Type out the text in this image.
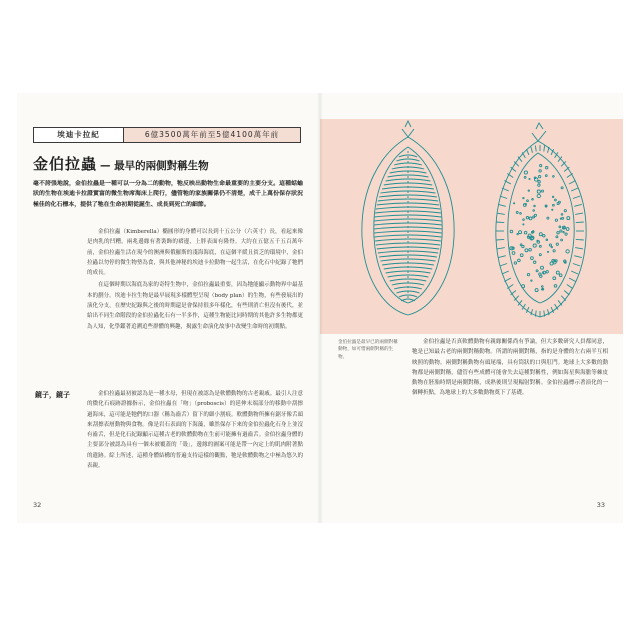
埃迪卡拉紀	6億3500萬年前至5億4100萬年前
金伯拉蟲 — 最早的兩側對稱生物
毫不誇張地說，金伯拉蟲是一種可以一分為二的動物，牠反映出動物生命最重要的主要分支。這種蛞蝓狀的生物在埃迪卡拉證實富的微生物席海床上爬行，儘管牠的家族關係仍不清楚，成千上萬份保存狀況極佳的化石標本，提供了牠在生命初期從誕生、成長到死亡的細節。

金伯拉蟲（Kimberella）橢圓形的身體可以長到十五公分（六英寸）長，看起來像是肉乳的凹糟，兩兆邊緣有著裝飾的褶邊，上胖表面有隆脊。大約在五億五千五百萬年前，金伯拉蟲生活在現今的澳洲與俄羅斯的淺海海底，在這個平緩且貧乏的環境中，金伯拉蟲以勿停的微生物墊為食，與其他神秘的埃迪卡拉動物一起生活，在化石中紀錄了牠們的成長。

在這個時期以海底為家的奇特生物中，金伯拉蟲最重要，因為牠能顯示動物界中最基本的劃分。埃迪卡拉生物是最早展現多樣體型呈現（body plan）的生物，有些發展出的演化分支，在歷史紀錄與之後的時期還是會保持很多年樣化，有些則消亡但沒有後代，並給出不同生命階段的金伯拉蟲化石有一半多作，這種生物能比同時期的其他許多生物都更為人知，化學鑑著追溯追些群體的興趣，揭露生命演化故事中改變生命時的初期點。

鏡子，鏡子	金伯拉蟲最初被認為是一種水母，但現在被認為是軟體動物的古老親戚。最引人注意的微化石痕跡證據指示，金伯拉蟲在「吻」（proboscis）的延伸末端部分的移動中刮擦過海床，這可能是牠們的口器（稱為齒舌）留下的細小割痕。軟體動物所擁有鋸牙像舌頭來刮擦表層動物與食物。像是岩石表面的下海藻，雖然保存下來的金伯拉蟲化石身上並沒有齒舌，但是化石紀錄顯示這種古老的軟體動物在生前可能擁有過齒舌。金伯拉蟲身體的主要部分被認為具有一個未被覆蓋的「殼」，邊緣的圖案可能是帶一內定上的肌肉附著點的遺跡。綜上所述，這種身體結構的普遍支持這樣的觀點，牠是軟體動物之中極為悠久的表親。
32
金伯拉蟲是最早已的兩側對稱動物，如可惜兩側對稱的生物。
金伯拉蟲是否真軟體動物有親緣關係尚有爭論，但大多數研究人員都同意，牠是已知最古老的兩側對稱動物。所謂的兩側對稱，指的是身體的左右兩半互相映照的動物。兩側對稱動物有頭尾端，具有筒狀的口與肛門。地球上大多數的動物都是兩側對稱，儘管有些成體可能會失去這種對稱性，例如海星與海膽等棘皮動物在胚胎時期是兩側對稱，成熟後則呈現輻射對稱。金伯拉蟲標示著演化的一個轉折點，為地球上的大多數動物奠下了基礎。
33
